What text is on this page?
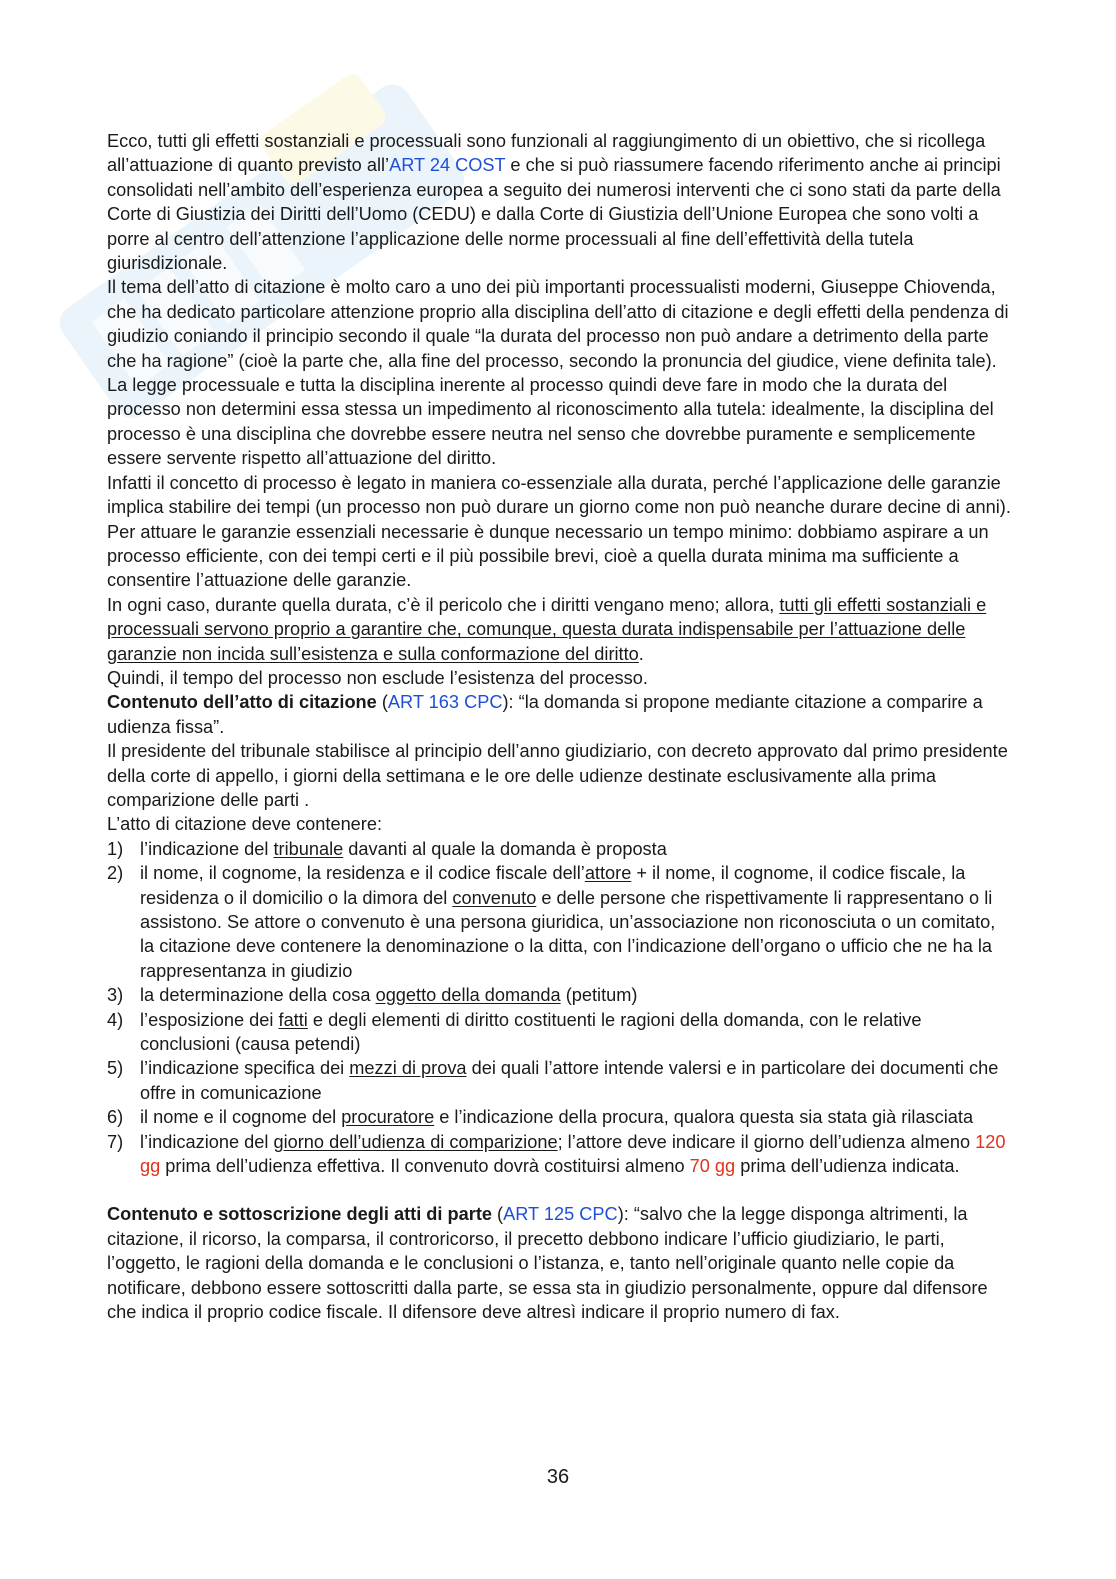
Ecco, tutti gli effetti sostanziali e processuali sono funzionali al raggiungimento di un obiettivo, che si ricollega all’attuazione di quanto previsto all’ART 24 COST e che si può riassumere facendo riferimento anche ai principi consolidati nell’ambito dell’esperienza europea a seguito dei numerosi interventi che ci sono stati da parte della Corte di Giustizia dei Diritti dell’Uomo (CEDU) e dalla Corte di Giustizia dell’Unione Europea che sono volti a porre al centro dell’attenzione l’applicazione delle norme processuali al fine dell’effettività della tutela giurisdizionale.

Il tema dell’atto di citazione è molto caro a uno dei più importanti processualisti moderni, Giuseppe Chiovenda, che ha dedicato particolare attenzione proprio alla disciplina dell’atto di citazione e degli effetti della pendenza di giudizio coniando il principio secondo il quale “la durata del processo non può andare a detrimento della parte che ha ragione” (cioè la parte che, alla fine del processo, secondo la pronuncia del giudice, viene definita tale).

La legge processuale e tutta la disciplina inerente al processo quindi deve fare in modo che la durata del processo non determini essa stessa un impedimento al riconoscimento alla tutela: idealmente, la disciplina del processo è una disciplina che dovrebbe essere neutra nel senso che dovrebbe puramente e semplicemente essere servente rispetto all’attuazione del diritto.

Infatti il concetto di processo è legato in maniera co-essenziale alla durata, perché l’applicazione delle garanzie implica stabilire dei tempi (un processo non può durare un giorno come non può neanche durare decine di anni).

Per attuare le garanzie essenziali necessarie è dunque necessario un tempo minimo: dobbiamo aspirare a un processo efficiente, con dei tempi certi e il più possibile brevi, cioè a quella durata minima ma sufficiente a consentire l’attuazione delle garanzie.

In ogni caso, durante quella durata, c’è il pericolo che i diritti vengano meno; allora, tutti gli effetti sostanziali e processuali servono proprio a garantire che, comunque, questa durata indispensabile per l’attuazione delle garanzie non incida sull’esistenza e sulla conformazione del diritto.

Quindi, il tempo del processo non esclude l’esistenza del processo.

Contenuto dell’atto di citazione (ART 163 CPC): “la domanda si propone mediante citazione a comparire a udienza fissa”.

Il presidente del tribunale stabilisce al principio dell’anno giudiziario, con decreto approvato dal primo presidente della corte di appello, i giorni della settimana e le ore delle udienze destinate esclusivamente alla prima comparizione delle parti .

L’atto di citazione deve contenere:

1) l’indicazione del tribunale davanti al quale la domanda è proposta
2) il nome, il cognome, la residenza e il codice fiscale dell’attore + il nome, il cognome, il codice fiscale, la residenza o il domicilio o la dimora del convenuto e delle persone che rispettivamente li rappresentano o li assistono. Se attore o convenuto è una persona giuridica, un’associazione non riconosciuta o un comitato, la citazione deve contenere la denominazione o la ditta, con l’indicazione dell’organo o ufficio che ne ha la rappresentanza in giudizio
3) la determinazione della cosa oggetto della domanda (petitum)
4) l’esposizione dei fatti e degli elementi di diritto costituenti le ragioni della domanda, con le relative conclusioni (causa petendi)
5) l’indicazione specifica dei mezzi di prova dei quali l’attore intende valersi e in particolare dei documenti che offre in comunicazione
6) il nome e il cognome del procuratore e l’indicazione della procura, qualora questa sia stata già rilasciata
7) l’indicazione del giorno dell’udienza di comparizione; l’attore deve indicare il giorno dell’udienza almeno 120 gg prima dell’udienza effettiva. Il convenuto dovrà costituirsi almeno 70 gg prima dell’udienza indicata.

Contenuto e sottoscrizione degli atti di parte (ART 125 CPC): “salvo che la legge disponga altrimenti, la citazione, il ricorso, la comparsa, il controricorso, il precetto debbono indicare l’ufficio giudiziario, le parti, l’oggetto, le ragioni della domanda e le conclusioni o l’istanza, e, tanto nell’originale quanto nelle copie da notificare, debbono essere sottoscritti dalla parte, se essa sta in giudizio personalmente, oppure dal difensore che indica il proprio codice fiscale. Il difensore deve altresì indicare il proprio numero di fax.

36
